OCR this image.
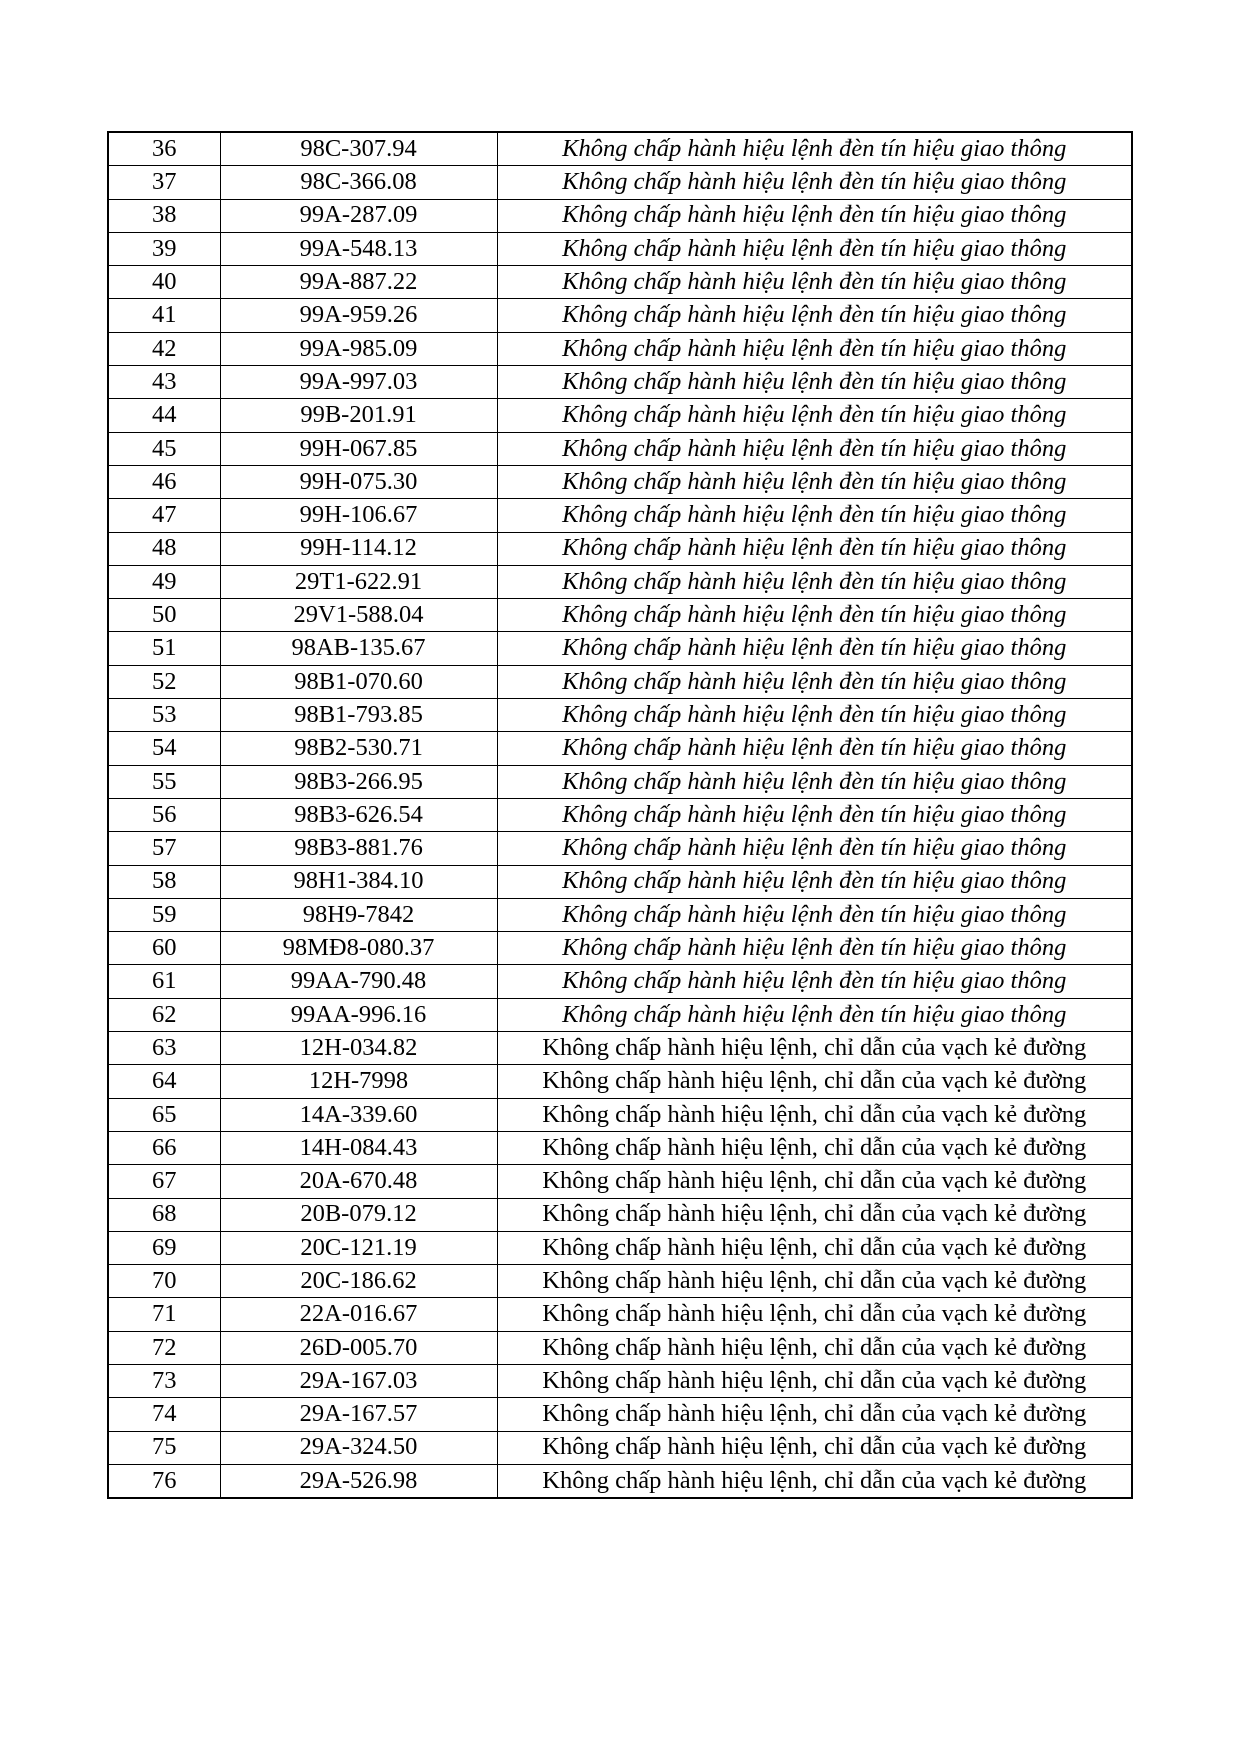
36	98C-307.94	Không chấp hành hiệu lệnh đèn tín hiệu giao thông
37	98C-366.08	Không chấp hành hiệu lệnh đèn tín hiệu giao thông
38	99A-287.09	Không chấp hành hiệu lệnh đèn tín hiệu giao thông
39	99A-548.13	Không chấp hành hiệu lệnh đèn tín hiệu giao thông
40	99A-887.22	Không chấp hành hiệu lệnh đèn tín hiệu giao thông
41	99A-959.26	Không chấp hành hiệu lệnh đèn tín hiệu giao thông
42	99A-985.09	Không chấp hành hiệu lệnh đèn tín hiệu giao thông
43	99A-997.03	Không chấp hành hiệu lệnh đèn tín hiệu giao thông
44	99B-201.91	Không chấp hành hiệu lệnh đèn tín hiệu giao thông
45	99H-067.85	Không chấp hành hiệu lệnh đèn tín hiệu giao thông
46	99H-075.30	Không chấp hành hiệu lệnh đèn tín hiệu giao thông
47	99H-106.67	Không chấp hành hiệu lệnh đèn tín hiệu giao thông
48	99H-114.12	Không chấp hành hiệu lệnh đèn tín hiệu giao thông
49	29T1-622.91	Không chấp hành hiệu lệnh đèn tín hiệu giao thông
50	29V1-588.04	Không chấp hành hiệu lệnh đèn tín hiệu giao thông
51	98AB-135.67	Không chấp hành hiệu lệnh đèn tín hiệu giao thông
52	98B1-070.60	Không chấp hành hiệu lệnh đèn tín hiệu giao thông
53	98B1-793.85	Không chấp hành hiệu lệnh đèn tín hiệu giao thông
54	98B2-530.71	Không chấp hành hiệu lệnh đèn tín hiệu giao thông
55	98B3-266.95	Không chấp hành hiệu lệnh đèn tín hiệu giao thông
56	98B3-626.54	Không chấp hành hiệu lệnh đèn tín hiệu giao thông
57	98B3-881.76	Không chấp hành hiệu lệnh đèn tín hiệu giao thông
58	98H1-384.10	Không chấp hành hiệu lệnh đèn tín hiệu giao thông
59	98H9-7842	Không chấp hành hiệu lệnh đèn tín hiệu giao thông
60	98MĐ8-080.37	Không chấp hành hiệu lệnh đèn tín hiệu giao thông
61	99AA-790.48	Không chấp hành hiệu lệnh đèn tín hiệu giao thông
62	99AA-996.16	Không chấp hành hiệu lệnh đèn tín hiệu giao thông
63	12H-034.82	Không chấp hành hiệu lệnh, chỉ dẫn của vạch kẻ đường
64	12H-7998	Không chấp hành hiệu lệnh, chỉ dẫn của vạch kẻ đường
65	14A-339.60	Không chấp hành hiệu lệnh, chỉ dẫn của vạch kẻ đường
66	14H-084.43	Không chấp hành hiệu lệnh, chỉ dẫn của vạch kẻ đường
67	20A-670.48	Không chấp hành hiệu lệnh, chỉ dẫn của vạch kẻ đường
68	20B-079.12	Không chấp hành hiệu lệnh, chỉ dẫn của vạch kẻ đường
69	20C-121.19	Không chấp hành hiệu lệnh, chỉ dẫn của vạch kẻ đường
70	20C-186.62	Không chấp hành hiệu lệnh, chỉ dẫn của vạch kẻ đường
71	22A-016.67	Không chấp hành hiệu lệnh, chỉ dẫn của vạch kẻ đường
72	26D-005.70	Không chấp hành hiệu lệnh, chỉ dẫn của vạch kẻ đường
73	29A-167.03	Không chấp hành hiệu lệnh, chỉ dẫn của vạch kẻ đường
74	29A-167.57	Không chấp hành hiệu lệnh, chỉ dẫn của vạch kẻ đường
75	29A-324.50	Không chấp hành hiệu lệnh, chỉ dẫn của vạch kẻ đường
76	29A-526.98	Không chấp hành hiệu lệnh, chỉ dẫn của vạch kẻ đường
